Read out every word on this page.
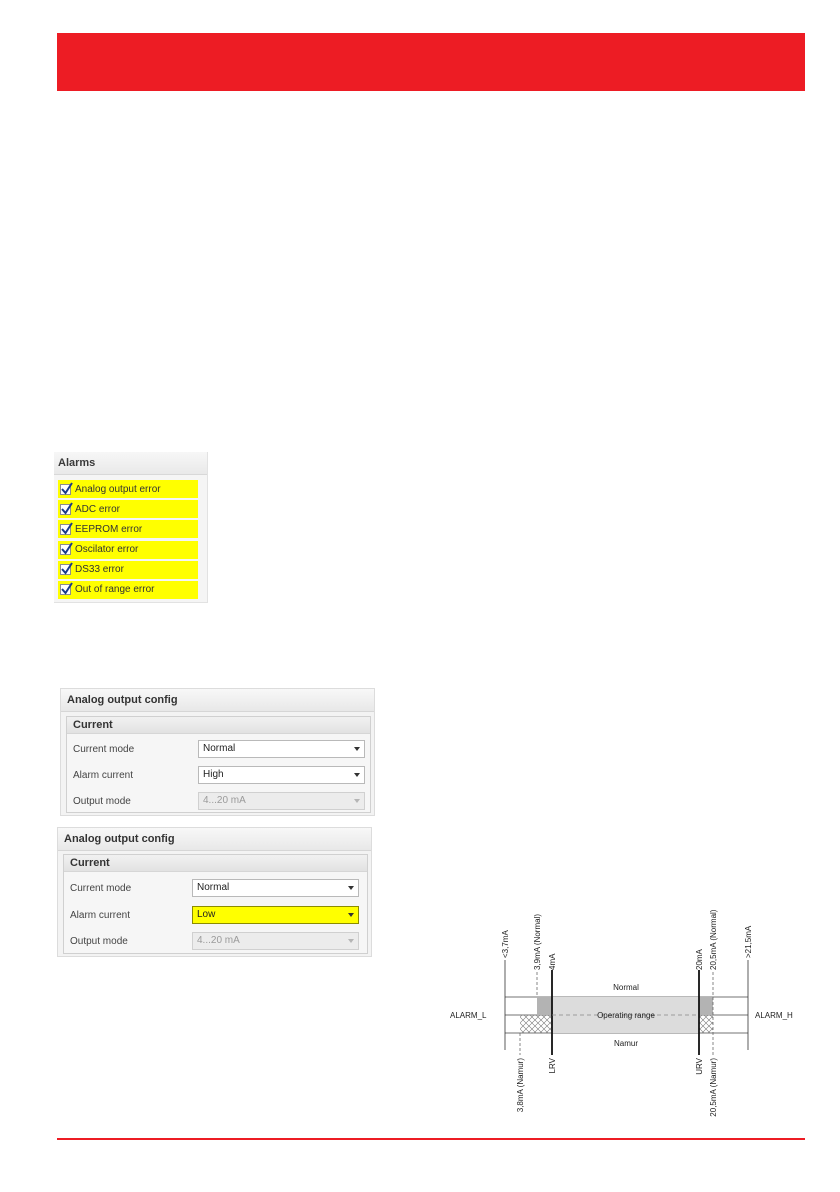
Alarms
Analog output error
ADC error
EEPROM error
Oscilator error
DS33 error
Out of range error
Analog output config
Current
Current mode	Normal
Alarm current	High
Output mode	4...20 mA
Analog output config
Current
Current mode	Normal
Alarm current	Low
Output mode	4...20 mA	<3,7mA	3,9mA (Normal) 4mA	20mA 20,5mA (Normal)	>21,5mA
Normal
Operating range
Namur
ALARM_L	ALARM_H
3,8mA (Namur)	LRV	URV 20,5mA (Namur)
